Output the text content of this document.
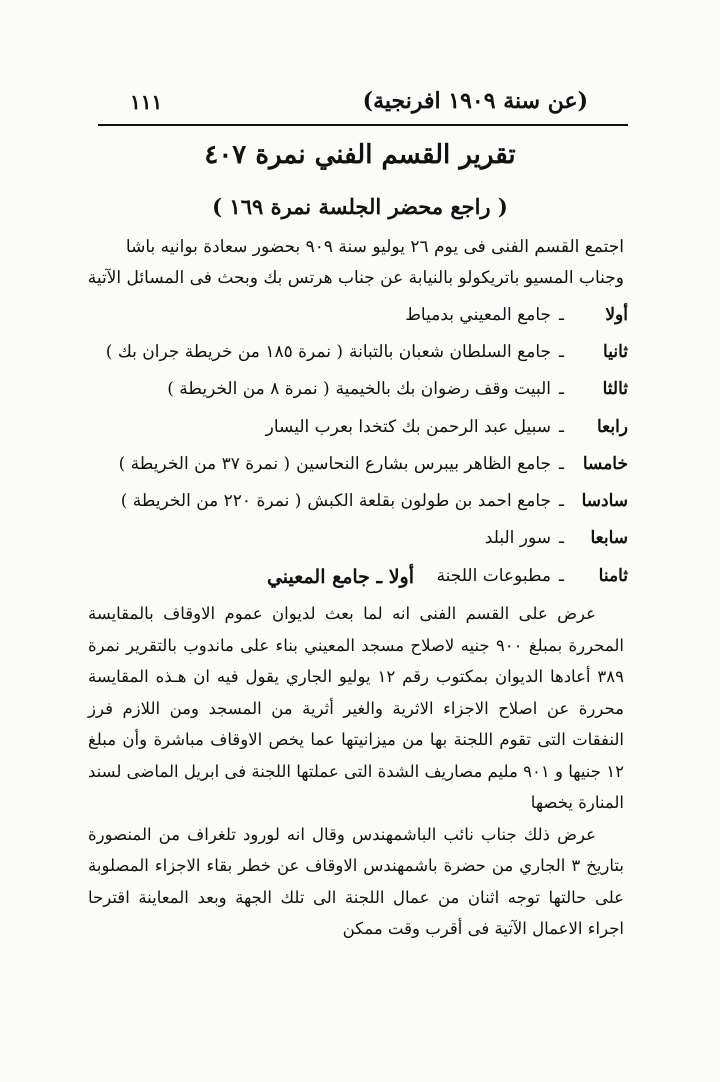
(عن سنة ١٩٠٩ افرنجية)
١١١
تقرير القسم الفني نمرة ٤٠٧
( راجع محضر الجلسة نمرة ١٦٩ )

اجتمع القسم الفنى فى يوم ٢٦ يوليو سنة ٩٠٩ بحضور سعادة بوانيه باشا

وجناب المسيو باتريكولو بالنيابة عن جناب هرتس بك وبحث فى المسائل الآتية

أولا
ـ
جامع المعيني بدمياط
ثانيا
ـ
جامع السلطان شعبان بالتبانة
( نمرة ١٨٥ من خريطة جران بك )
ثالثا
ـ
البيت وقف رضوان بك بالخيمية
( نمرة ٨ من الخريطة )
رابعا
ـ
سبيل عبد الرحمن بك كتخدا بعرب اليسار
خامسا
ـ
جامع الظاهر بيبرس بشارع النحاسين
( نمرة ٣٧ من الخريطة )
سادسا
ـ
جامع احمد بن طولون بقلعة الكبش
( نمرة ٢٢٠ من الخريطة )
سابعا
ـ
سور البلد
ثامنا
ـ
مطبوعات اللجنة
أولا ـ جامع المعيني

عرض على القسم الفنى انه لما بعث لديوان عموم الاوقاف بالمقايسة المحررة بمبلغ ٩٠٠ جنيه لاصلاح مسجد المعيني بناء على ماندوب بالتقرير نمرة ٣٨٩ أعادها الديوان بمكتوب رقم ١٢ يوليو الجاري يقول فيه ان هـذه المقايسة محررة عن اصلاح الاجزاء الاثرية والغير أثرية من المسجد ومن اللازم فرز النفقات التى تقوم اللجنة بها من ميزانيتها عما يخص الاوقاف مباشرة وأن مبلغ ١٢ جنيها و ٩٠١ مليم مصاريف الشدة التى عملتها اللجنة فى ابريل الماضى لسند المنارة يخصها

عرض ذلك جناب نائب الباشمهندس وقال انه لورود تلغراف من المنصورة بتاريخ ٣ الجاري من حضرة باشمهندس الاوقاف عن خطر بقاء الاجزاء المصلوبة على حالتها توجه اثنان من عمال اللجنة الى تلك الجهة وبعد المعاينة اقترحا اجراء الاعمال الآتية فى أقرب وقت ممكن
